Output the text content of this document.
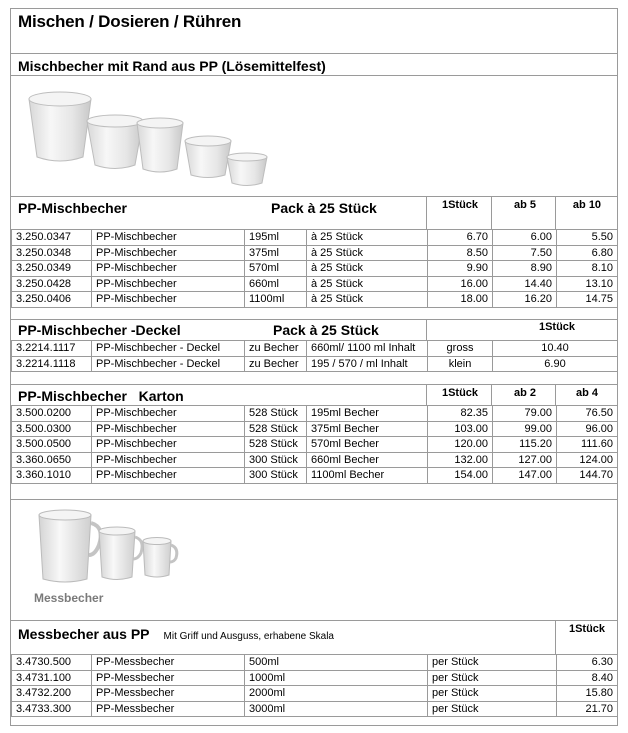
Mischen / Dosieren / Rühren
Mischbecher mit Rand aus PP (Lösemittelfest)
PP-Mischbecher	Pack à 25 Stück	1Stück	ab 5	ab 10
3.250.0347	PP-Mischbecher	195ml	à 25 Stück	6.70	6.00	5.50
3.250.0348	PP-Mischbecher	375ml	à 25 Stück	8.50	7.50	6.80
3.250.0349	PP-Mischbecher	570ml	à 25 Stück	9.90	8.90	8.10
3.250.0428	PP-Mischbecher	660ml	à 25 Stück	16.00	14.40	13.10
3.250.0406	PP-Mischbecher	1100ml	à 25 Stück	18.00	16.20	14.75
PP-Mischbecher -Deckel	Pack à 25 Stück	1Stück
3.2214.1117	PP-Mischbecher - Deckel	zu Becher	660ml/ 1100 ml Inhalt	gross	10.40
3.2214.1118	PP-Mischbecher - Deckel	zu Becher	195 / 570 / ml Inhalt	klein	6.90
PP-Mischbecher   Karton	1Stück	ab 2	ab 4
3.500.0200	PP-Mischbecher	528 Stück	195ml Becher	82.35	79.00	76.50
3.500.0300	PP-Mischbecher	528 Stück	375ml Becher	103.00	99.00	96.00
3.500.0500	PP-Mischbecher	528 Stück	570ml Becher	120.00	115.20	111.60
3.360.0650	PP-Mischbecher	300 Stück	660ml Becher	132.00	127.00	124.00
3.360.1010	PP-Mischbecher	300 Stück	1100ml Becher	154.00	147.00	144.70
Messbecher
Messbecher aus PP Mit Griff und Ausguss, erhabene Skala
1Stück
3.4730.500	PP-Messbecher	500ml	per Stück	6.30
3.4731.100	PP-Messbecher	1000ml	per Stück	8.40
3.4732.200	PP-Messbecher	2000ml	per Stück	15.80
3.4733.300	PP-Messbecher	3000ml	per Stück	21.70
